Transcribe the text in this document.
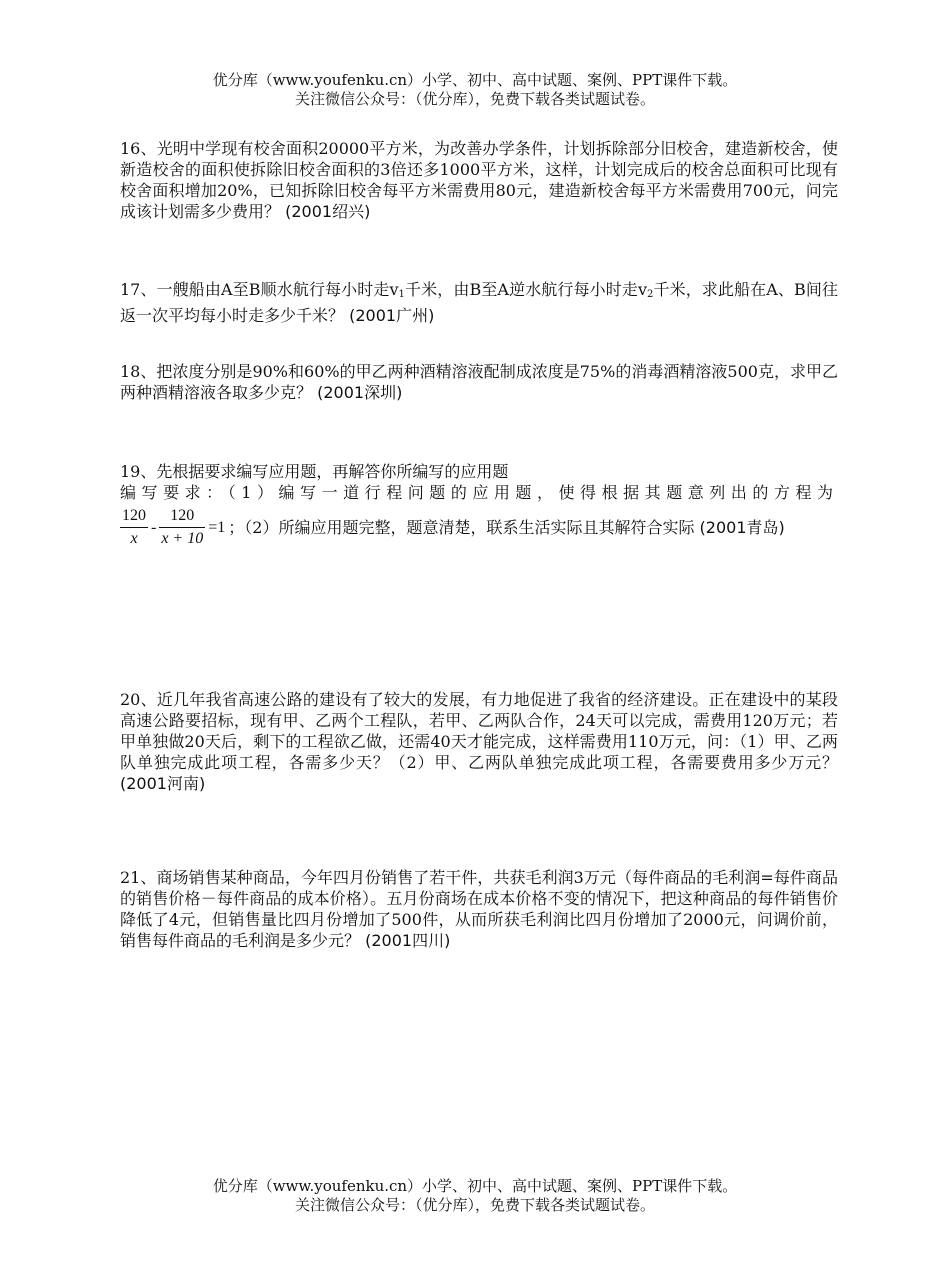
优分库（www.youfenku.cn）小学、初中、高中试题、案例、PPT课件下载。
关注微信公众号：（优分库），免费下载各类试题试卷。
16、光明中学现有校舍面积20000平方米，为改善办学条件，计划拆除部分旧校舍，建造新校舍，使新造校舍的面积使拆除旧校舍面积的3倍还多1000平方米，这样，计划完成后的校舍总面积可比现有校舍面积增加20%，已知拆除旧校舍每平方米需费用80元，建造新校舍每平方米需费用700元，问完成该计划需多少费用？ (2001绍兴)
17、一艘船由A至B顺水航行每小时走$v_1$千米，由B至A逆水航行每小时走$v_2$千米，求此船在A、B间往返一次平均每小时走多少千米？ (2001广州)
18、把浓度分别是90%和60%的甲乙两种酒精溶液配制成浓度是75%的消毒酒精溶液500克，求甲乙两种酒精溶液各取多少克？ (2001深圳)
19、先根据要求编写应用题，再解答你所编写的应用题
编写要求：（1）编写一道行程问题的应用题，使得根据其题意列出的方程为
$\frac{120}{x} - \frac{120}{x + 10} =1$ ；（2）所编应用题完整，题意清楚，联系生活实际且其解符合实际 (2001青岛)
20、近几年我省高速公路的建设有了较大的发展，有力地促进了我省的经济建设。正在建设中的某段高速公路要招标，现有甲、乙两个工程队，若甲、乙两队合作，24天可以完成，需费用120万元；若甲单独做20天后，剩下的工程欲乙做，还需40天才能完成，这样需费用110万元，问：（1）甲、乙两队单独完成此项工程，各需多少天？（2）甲、乙两队单独完成此项工程，各需要费用多少万元？ (2001河南)
21、商场销售某种商品，今年四月份销售了若干件，共获毛利润3万元（每件商品的毛利润=每件商品的销售价格－每件商品的成本价格）。五月份商场在成本价格不变的情况下，把这种商品的每件销售价降低了4元，但销售量比四月份增加了500件，从而所获毛利润比四月份增加了2000元，问调价前，销售每件商品的毛利润是多少元？ (2001四川)
优分库（www.youfenku.cn）小学、初中、高中试题、案例、PPT课件下载。
关注微信公众号：（优分库），免费下载各类试题试卷。
